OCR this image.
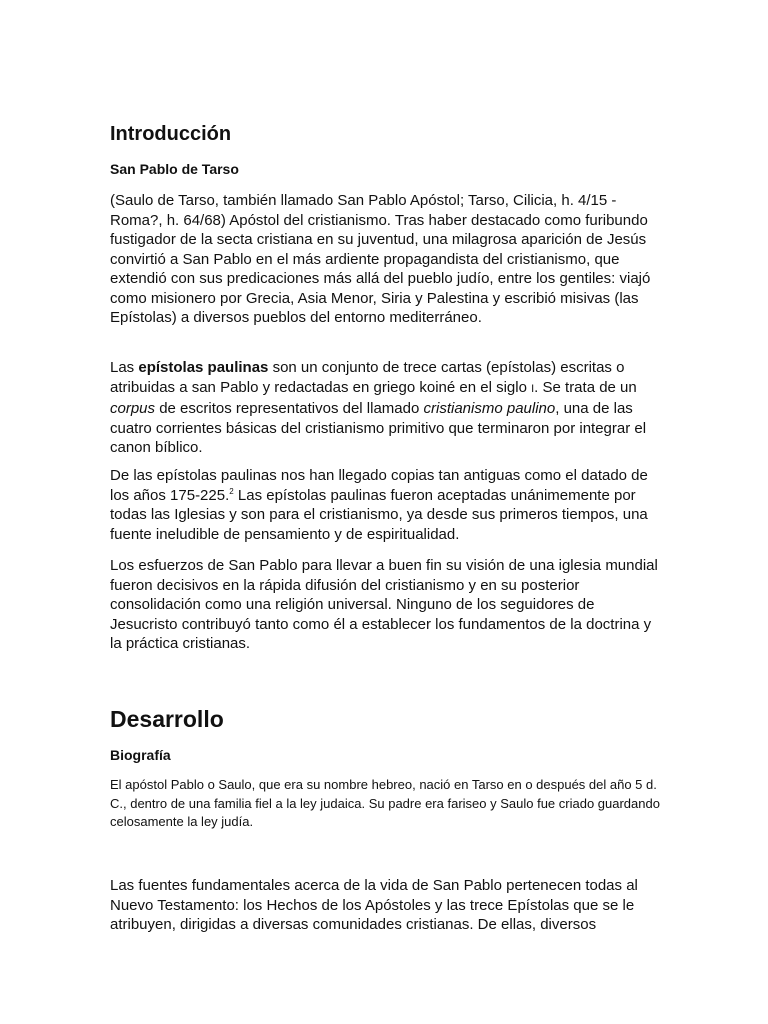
Introducción
San Pablo de Tarso

(Saulo de Tarso, también llamado San Pablo Apóstol; Tarso, Cilicia, h. 4/15 - Roma?, h. 64/68) Apóstol del cristianismo. Tras haber destacado como furibundo fustigador de la secta cristiana en su juventud, una milagrosa aparición de Jesús convirtió a San Pablo en el más ardiente propagandista del cristianismo, que extendió con sus predicaciones más allá del pueblo judío, entre los gentiles: viajó como misionero por Grecia, Asia Menor, Siria y Palestina y escribió misivas (las Epístolas) a diversos pueblos del entorno mediterráneo.

Las epístolas paulinas son un conjunto de trece cartas (epístolas) escritas o atribuidas a san Pablo y redactadas en griego koiné en el siglo I. Se trata de un corpus de escritos representativos del llamado cristianismo paulino, una de las cuatro corrientes básicas del cristianismo primitivo que terminaron por integrar el canon bíblico.

De las epístolas paulinas nos han llegado copias tan antiguas como el datado de los años 175-225.$^2$ Las epístolas paulinas fueron aceptadas unánimemente por todas las Iglesias y son para el cristianismo, ya desde sus primeros tiempos, una fuente ineludible de pensamiento y de espiritualidad.

Los esfuerzos de San Pablo para llevar a buen fin su visión de una iglesia mundial fueron decisivos en la rápida difusión del cristianismo y en su posterior consolidación como una religión universal. Ninguno de los seguidores de Jesucristo contribuyó tanto como él a establecer los fundamentos de la doctrina y la práctica cristianas.

Desarrollo
Biografía

El apóstol Pablo o Saulo, que era su nombre hebreo, nació en Tarso en o después del año 5 d. C., dentro de una familia fiel a la ley judaica. Su padre era fariseo y Saulo fue criado guardando celosamente la ley judía.

Las fuentes fundamentales acerca de la vida de San Pablo pertenecen todas al Nuevo Testamento: los Hechos de los Apóstoles y las trece Epístolas que se le atribuyen, dirigidas a diversas comunidades cristianas. De ellas, diversos
